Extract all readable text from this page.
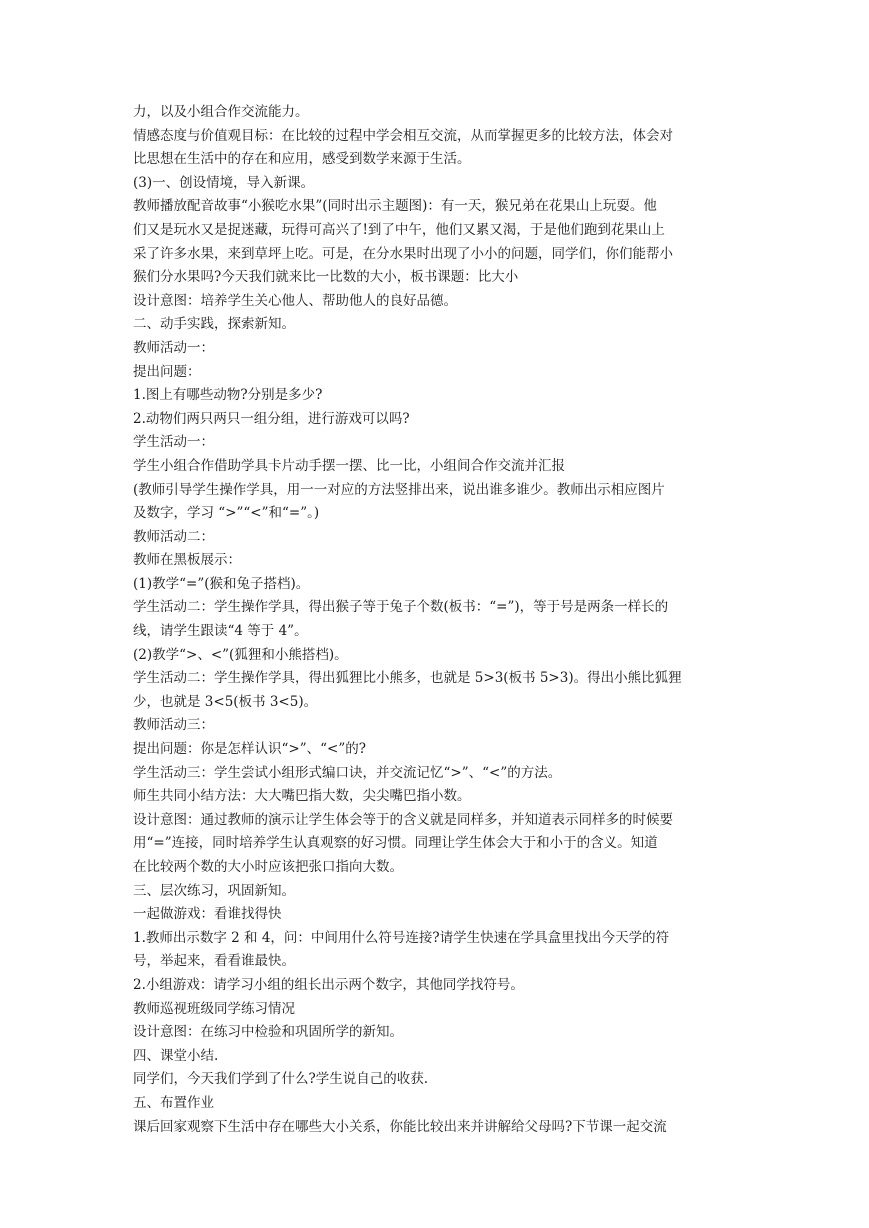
力，以及小组合作交流能力。
情感态度与价值观目标：在比较的过程中学会相互交流，从而掌握更多的比较方法，体会对
比思想在生活中的存在和应用，感受到数学来源于生活。
(3)一、创设情境，导入新课。
教师播放配音故事“小猴吃水果”(同时出示主题图)：有一天，猴兄弟在花果山上玩耍。他
们又是玩水又是捉迷藏，玩得可高兴了!到了中午，他们又累又渴，于是他们跑到花果山上
采了许多水果，来到草坪上吃。可是，在分水果时出现了小小的问题，同学们，你们能帮小
猴们分水果吗?今天我们就来比一比数的大小，板书课题：比大小
设计意图：培养学生关心他人、帮助他人的良好品德。
二、动手实践，探索新知。
教师活动一：
提出问题：
1.图上有哪些动物?分别是多少?
2.动物们两只两只一组分组，进行游戏可以吗?
学生活动一：
学生小组合作借助学具卡片动手摆一摆、比一比，小组间合作交流并汇报
(教师引导学生操作学具，用一一对应的方法竖排出来，说出谁多谁少。教师出示相应图片
及数字，学习 “>”“<”和“=”。)
教师活动二：
教师在黑板展示：
(1)教学“=”(猴和兔子搭档)。
学生活动二：学生操作学具，得出猴子等于兔子个数(板书：“=”)，等于号是两条一样长的
线，请学生跟读“4 等于 4”。
(2)教学“>、<”(狐狸和小熊搭档)。
学生活动二：学生操作学具，得出狐狸比小熊多，也就是 5>3(板书 5>3)。得出小熊比狐狸
少，也就是 3<5(板书 3<5)。
教师活动三：
提出问题：你是怎样认识“>”、“<”的?
学生活动三：学生尝试小组形式编口诀，并交流记忆“>”、“<”的方法。
师生共同小结方法：大大嘴巴指大数，尖尖嘴巴指小数。
设计意图：通过教师的演示让学生体会等于的含义就是同样多，并知道表示同样多的时候要
用“=”连接，同时培养学生认真观察的好习惯。同理让学生体会大于和小于的含义。知道
在比较两个数的大小时应该把张口指向大数。
三、层次练习，巩固新知。
一起做游戏：看谁找得快
1.教师出示数字 2 和 4，问：中间用什么符号连接?请学生快速在学具盒里找出今天学的符
号，举起来，看看谁最快。
2.小组游戏：请学习小组的组长出示两个数字，其他同学找符号。
教师巡视班级同学练习情况
设计意图：在练习中检验和巩固所学的新知。
四、课堂小结.
同学们，今天我们学到了什么?学生说自己的收获.
五、布置作业
课后回家观察下生活中存在哪些大小关系，你能比较出来并讲解给父母吗?下节课一起交流
